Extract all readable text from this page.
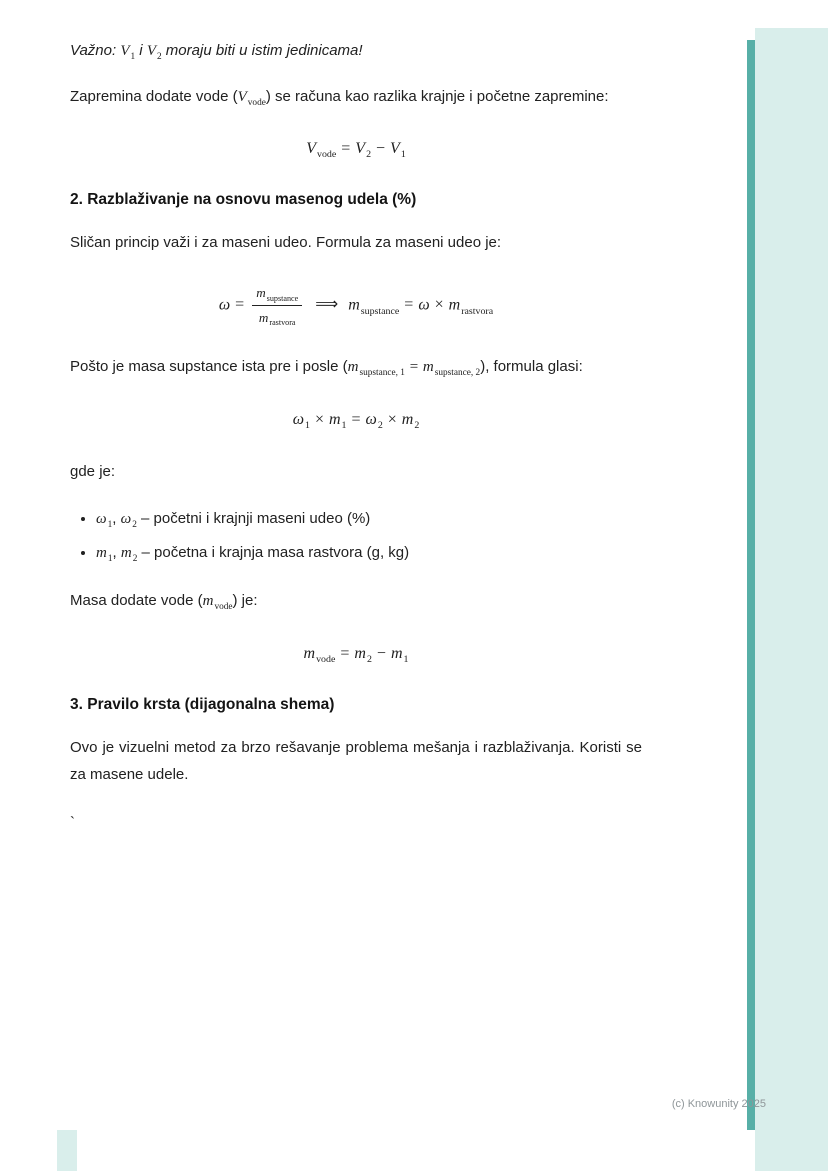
Važno: $V_1$ i $V_2$ moraju biti u istim jedinicama!

Zapremina dodate vode $(V_{vode})$ se računa kao razlika krajnje i početne zapremine:

$V_{vode} = V_2 - V_1$
2. Razblaživanje na osnovu masenog udela (%)

Sličan princip važi i za maseni udeo. Formula za maseni udeo je:

$\omega = \frac{m_{supstance}}{m_{rastvora}}$ ⟹ $m_{supstance} = \omega \times m_{rastvora}$

Pošto je masa supstance ista pre i posle $(m_{supstance, 1} = m_{supstance, 2})$, formula glasi:

$\omega_1 \times m_1 = \omega_2 \times m_2$

gde je:

• $\omega_1$, $\omega_2$ – početni i krajnji maseni udeo (%)
• $m_1$, $m_2$ – početna i krajnja masa rastvora (g, kg)

Masa dodate vode $(m_{vode})$ je:

$m_{vode} = m_2 - m_1$
3. Pravilo krsta (dijagonalna shema)

Ovo je vizuelni metod za brzo rešavanje problema mešanja i razblaživanja. Koristi se za masene udele.

`

(c) Knowunity 2025
